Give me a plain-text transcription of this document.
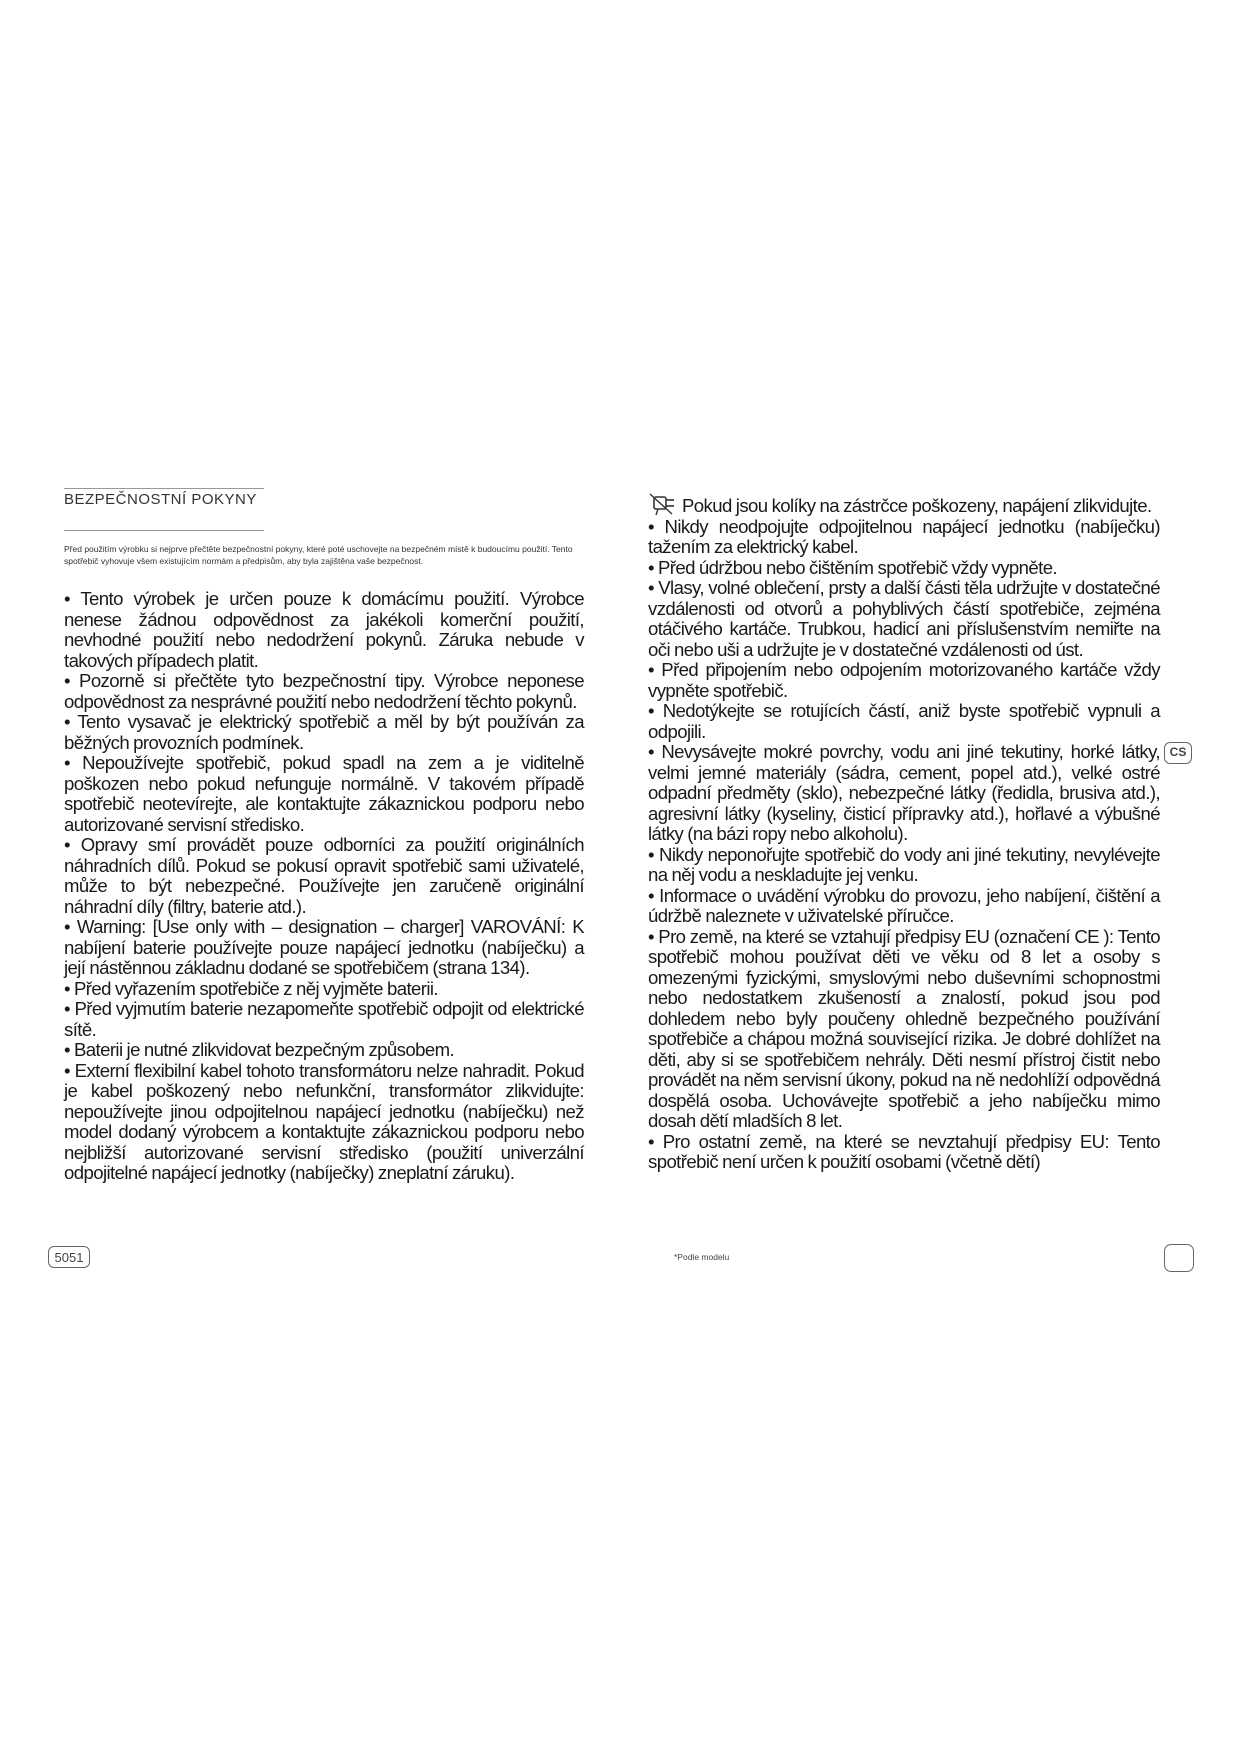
BEZPEČNOSTNÍ POKYNY

Před použitím výrobku si nejprve přečtěte bezpečnostní pokyny, které poté uschovejte na bezpečném místě k budoucímu použití. Tento spotřebič vyhovuje všem existujícím normám a předpisům, aby byla zajištěna vaše bezpečnost.

• Tento výrobek je určen pouze k domácímu použití. Výrobce nenese žádnou odpovědnost za jakékoli komerční použití, nevhodné použití nebo nedodržení pokynů. Záruka nebude v takových případech platit.

• Pozorně si přečtěte tyto bezpečnostní tipy. Výrobce neponese odpovědnost za nesprávné použití nebo nedodržení těchto pokynů.

• Tento vysavač je elektrický spotřebič a měl by být používán za běžných provozních podmínek.

• Nepoužívejte spotřebič, pokud spadl na zem a je viditelně poškozen nebo pokud nefunguje normálně. V takovém případě spotřebič neotevírejte, ale kontaktujte zákaznickou podporu nebo autorizované servisní středisko.

• Opravy smí provádět pouze odborníci za použití originálních náhradních dílů. Pokud se pokusí opravit spotřebič sami uživatelé, může to být nebezpečné. Používejte jen zaručeně originální náhradní díly (filtry, baterie atd.).

• Warning: [Use only with – designation – charger] VAROVÁNÍ: K nabíjení baterie používejte pouze napájecí jednotku (nabíječku) a její nástěnnou základnu dodané se spotřebičem (strana 134).

• Před vyřazením spotřebiče z něj vyjměte baterii.

• Před vyjmutím baterie nezapomeňte spotřebič odpojit od elektrické sítě.

• Baterii je nutné zlikvidovat bezpečným způsobem.

• Externí flexibilní kabel tohoto transformátoru nelze nahradit. Pokud je kabel poškozený nebo nefunkční, transformátor zlikvidujte: nepoužívejte jinou odpojitelnou napájecí jednotku (nabíječku) než model dodaný výrobcem a kontaktujte zákaznickou podporu nebo nejbližší autorizované servisní středisko (použití univerzální odpojitelné napájecí jednotky (nabíječky) zneplatní záruku).

Pokud jsou kolíky na zástrčce poškozeny, napájení zlikvidujte.

• Nikdy neodpojujte odpojitelnou napájecí jednotku (nabíječku) tažením za elektrický kabel.

• Před údržbou nebo čištěním spotřebič vždy vypněte.

• Vlasy, volné oblečení, prsty a další části těla udržujte v dostatečné vzdálenosti od otvorů a pohyblivých částí spotřebiče, zejména otáčivého kartáče. Trubkou, hadicí ani příslušenstvím nemiřte na oči nebo uši a udržujte je v dostatečné vzdálenosti od úst.

• Před připojením nebo odpojením motorizovaného kartáče vždy vypněte spotřebič.

• Nedotýkejte se rotujících částí, aniž byste spotřebič vypnuli a odpojili.

• Nevysávejte mokré povrchy, vodu ani jiné tekutiny, horké látky, velmi jemné materiály (sádra, cement, popel atd.), velké ostré odpadní předměty (sklo), nebezpečné látky (ředidla, brusiva atd.), agresivní látky (kyseliny, čisticí přípravky atd.), hořlavé a výbušné látky (na bázi ropy nebo alkoholu).

• Nikdy neponořujte spotřebič do vody ani jiné tekutiny, nevylévejte na něj vodu a neskladujte jej venku.

• Informace o uvádění výrobku do provozu, jeho nabíjení, čištění a údržbě naleznete v uživatelské příručce.

• Pro země, na které se vztahují předpisy EU (označení CE ): Tento spotřebič mohou používat děti ve věku od 8 let a osoby s omezenými fyzickými, smyslovými nebo duševními schopnostmi nebo nedostatkem zkušeností a znalostí, pokud jsou pod dohledem nebo byly poučeny ohledně bezpečného používání spotřebiče a chápou možná související rizika. Je dobré dohlížet na děti, aby si se spotřebičem nehrály. Děti nesmí přístroj čistit nebo provádět na něm servisní úkony, pokud na ně nedohlíží odpovědná dospělá osoba. Uchovávejte spotřebič a jeho nabíječku mimo dosah dětí mladších 8 let.

• Pro ostatní země, na které se nevztahují předpisy EU: Tento spotřebič není určen k použití osobami (včetně dětí)

5051
CS
*Podle modelu
